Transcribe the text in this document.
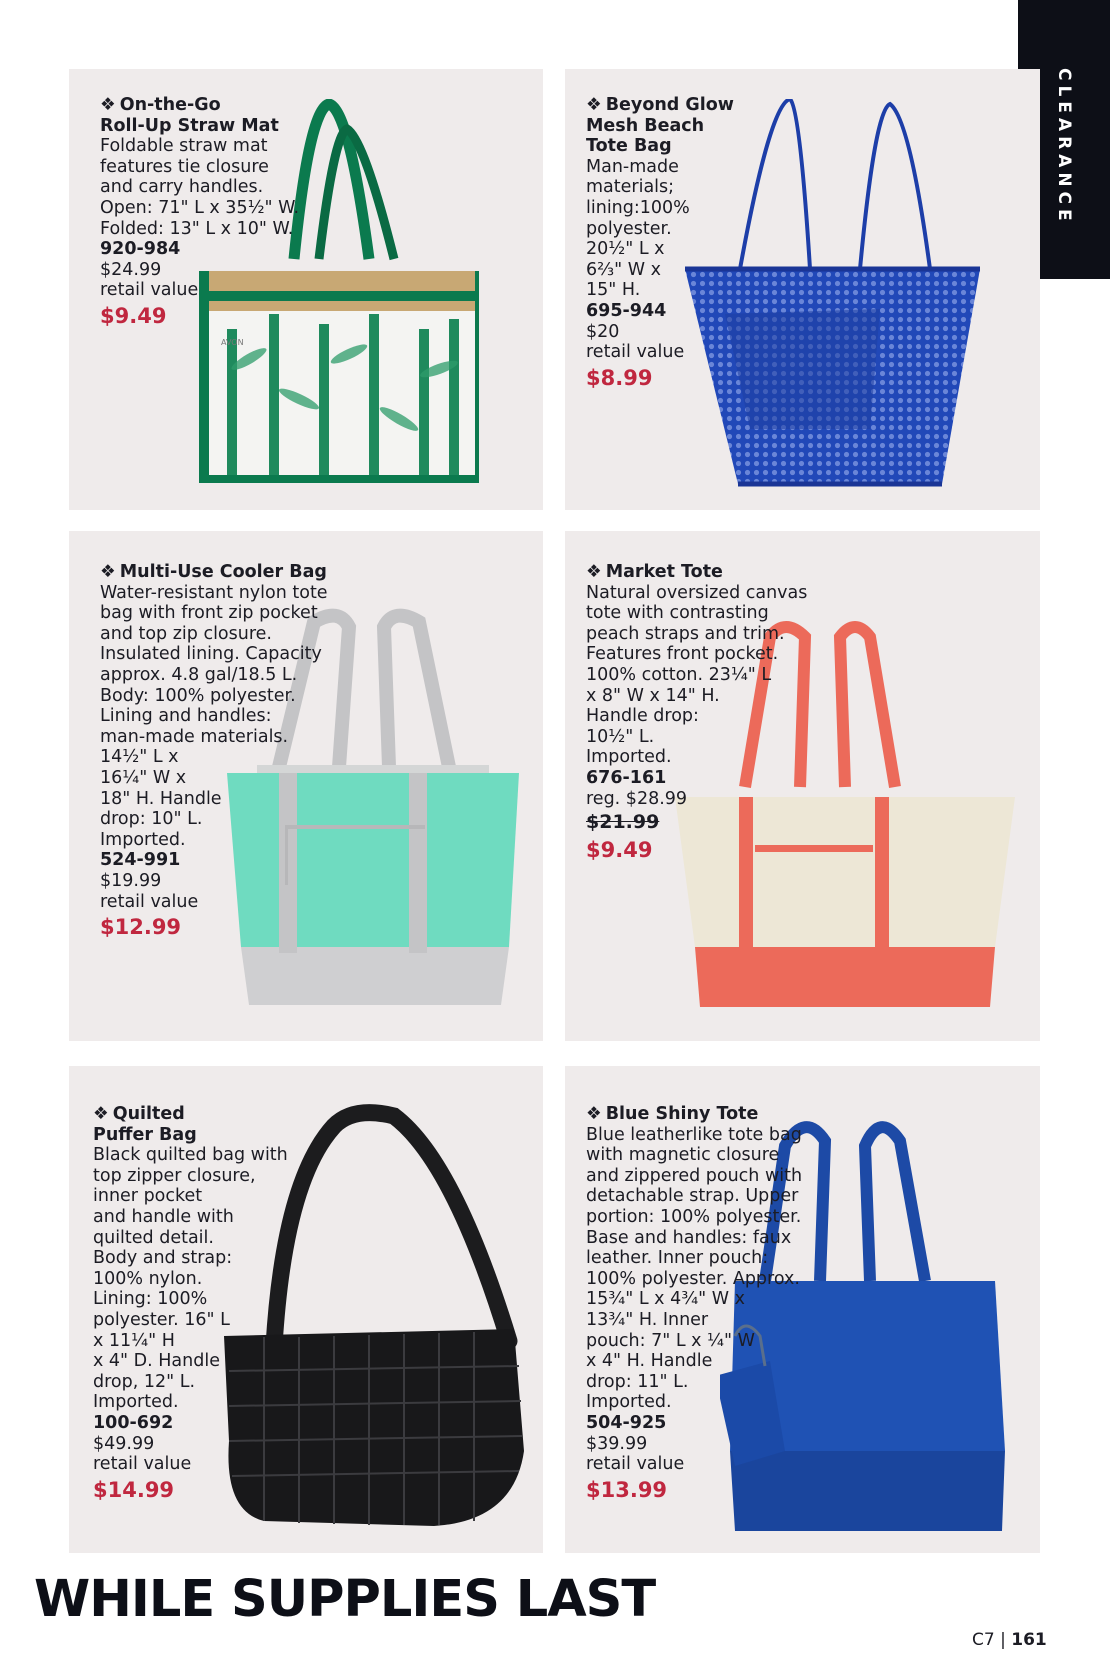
CLEARANCE
AVON

❖ On-the-Go

Roll-Up Straw Mat

Foldable straw mat
features tie closure
and carry handles.
Open: 71" L x 35½" W.
Folded: 13" L x 10" W.

920-984

$24.99

retail value

$9.49

❖ Beyond Glow

Mesh Beach

Tote Bag

Man-made
materials;
lining:100%
polyester.
20½" L x
6⅔" W x
15" H.

695-944

$20

retail value

$8.99

❖ Multi-Use Cooler Bag

Water-resistant nylon tote
bag with front zip pocket
and top zip closure.
Insulated lining. Capacity
approx. 4.8 gal/18.5 L.
Body: 100% polyester.
Lining and handles:
man-made materials.
14½" L x
16¼" W x
18" H. Handle
drop: 10" L.
Imported.

524-991

$19.99

retail value

$12.99

❖ Market Tote

Natural oversized canvas
tote with contrasting
peach straps and trim.
Features front pocket.
100% cotton. 23¼" L
x 8" W x 14" H.
Handle drop:
10½" L.
Imported.

676-161

reg. $28.99

$21.99

$9.49

❖ Quilted

Puffer Bag

Black quilted bag with
top zipper closure,
inner pocket
and handle with
quilted detail.
Body and strap:
100% nylon.
Lining: 100%
polyester. 16" L
x 11¼" H
x 4" D. Handle
drop, 12" L.
Imported.

100-692

$49.99

retail value

$14.99

❖ Blue Shiny Tote

Blue leatherlike tote bag
with magnetic closure
and zippered pouch with
detachable strap. Upper
portion: 100% polyester.
Base and handles: faux
leather. Inner pouch:
100% polyester. Approx.
15¾" L x 4¾" W x
13¾" H. Inner
pouch: 7" L x ¼" W
x 4" H. Handle
drop: 11" L.
Imported.

504-925

$39.99

retail value

$13.99

WHILE SUPPLIES LAST
C7 | 161
